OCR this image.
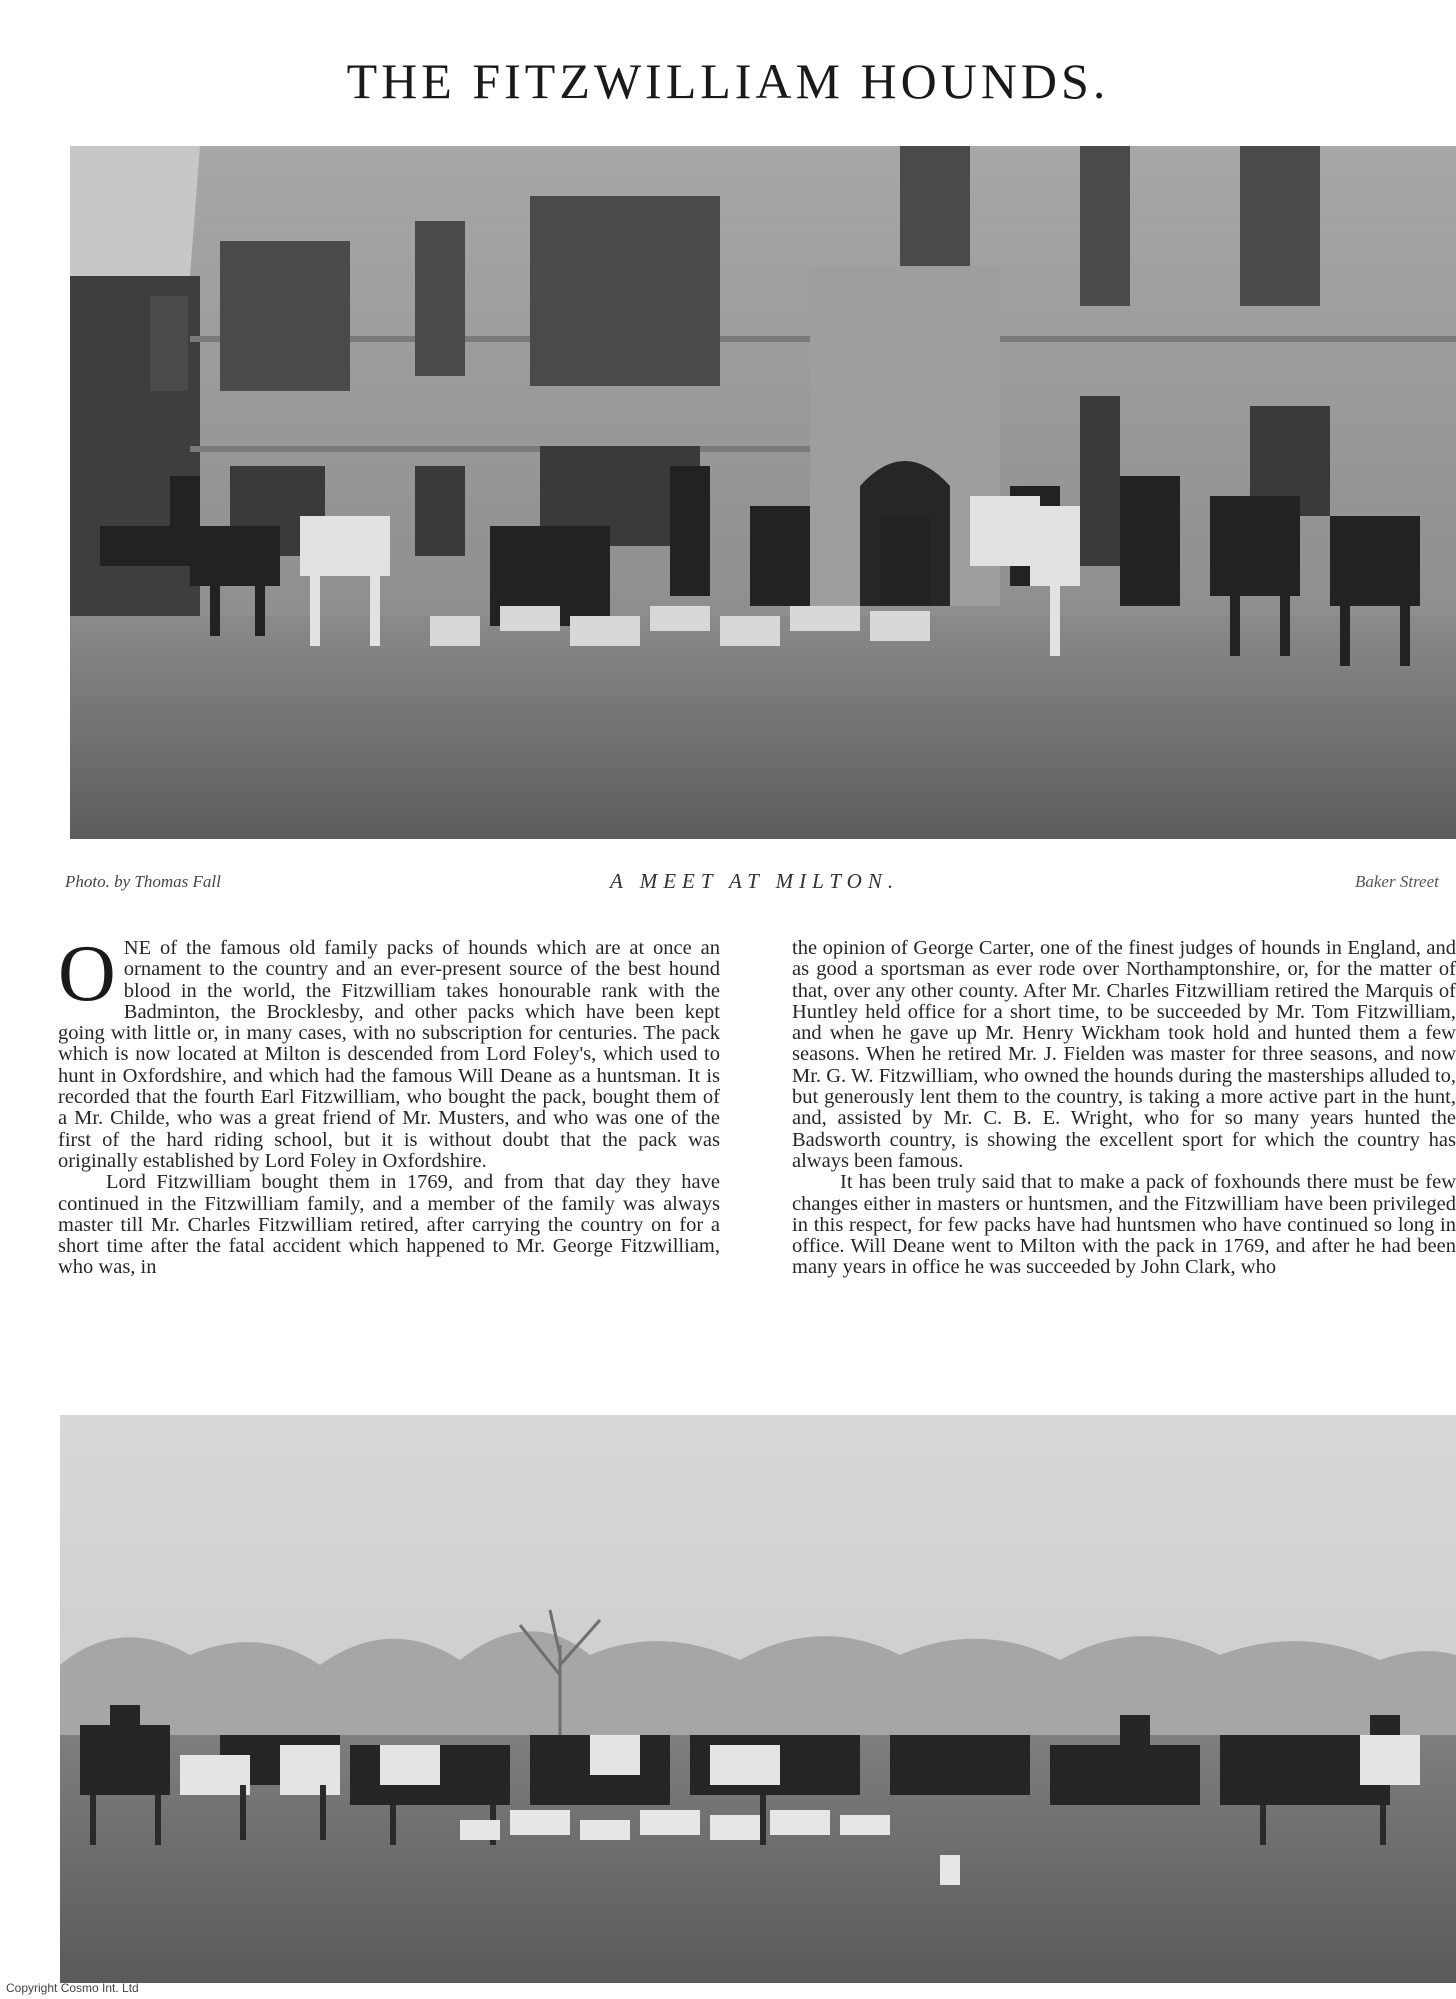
THE FITZWILLIAM HOUNDS.
Photo. by Thomas Fall	A MEET AT MILTON.	Baker Street

ONE of the famous old family packs of hounds which are at once an ornament to the country and an ever-present source of the best hound blood in the world, the Fitzwilliam takes honourable rank with the Badminton, the Brocklesby, and other packs which have been kept going with little or, in many cases, with no subscription for centuries. The pack which is now located at Milton is descended from Lord Foley's, which used to hunt in Oxfordshire, and which had the famous Will Deane as a huntsman. It is recorded that the fourth Earl Fitzwilliam, who bought the pack, bought them of a Mr. Childe, who was a great friend of Mr. Musters, and who was one of the first of the hard riding school, but it is without doubt that the pack was originally established by Lord Foley in Oxfordshire.

Lord Fitzwilliam bought them in 1769, and from that day they have continued in the Fitzwilliam family, and a member of the family was always master till Mr. Charles Fitzwilliam retired, after carrying the country on for a short time after the fatal accident which happened to Mr. George Fitzwilliam, who was, in

the opinion of George Carter, one of the finest judges of hounds in England, and as good a sportsman as ever rode over Northamptonshire, or, for the matter of that, over any other county. After Mr. Charles Fitzwilliam retired the Marquis of Huntley held office for a short time, to be succeeded by Mr. Tom Fitzwilliam, and when he gave up Mr. Henry Wickham took hold and hunted them a few seasons. When he retired Mr. J. Fielden was master for three seasons, and now Mr. G. W. Fitzwilliam, who owned the hounds during the masterships alluded to, but generously lent them to the country, is taking a more active part in the hunt, and, assisted by Mr. C. B. E. Wright, who for so many years hunted the Badsworth country, is showing the excellent sport for which the country has always been famous.

It has been truly said that to make a pack of foxhounds there must be few changes either in masters or huntsmen, and the Fitzwilliam have been privileged in this respect, for few packs have had huntsmen who have continued so long in office. Will Deane went to Milton with the pack in 1769, and after he had been many years in office he was succeeded by John Clark, who

Copyright Cosmo Int. Ltd
